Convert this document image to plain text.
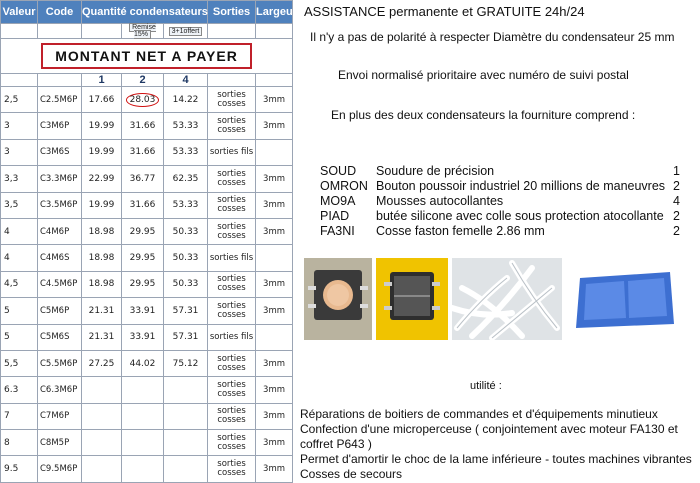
Valeur	Code	Quantité condensateurs			Sorties	Largeur
			Remise 15%	3+1offert		
MONTANT NET A PAYER						
		1	2	4		
2,5	C2.5M6P	17.66	28.03	14.22	sorties cosses	3mm
3	C3M6P	19.99	31.66	53.33	sorties cosses	3mm
3	C3M6S	19.99	31.66	53.33	sorties fils	
3,3	C3.3M6P	22.99	36.77	62.35	sorties cosses	3mm
3,5	C3.5M6P	19.99	31.66	53.33	sorties cosses	3mm
4	C4M6P	18.98	29.95	50.33	sorties cosses	3mm
4	C4M6S	18.98	29.95	50.33	sorties fils	
4,5	C4.5M6P	18.98	29.95	50.33	sorties cosses	3mm
5	C5M6P	21.31	33.91	57.31	sorties cosses	3mm
5	C5M6S	21.31	33.91	57.31	sorties fils	
5,5	C5.5M6P	27.25	44.02	75.12	sorties cosses	3mm
6.3	C6.3M6P				sorties cosses	3mm
7	C7M6P				sorties cosses	3mm
8	C8M5P				sorties cosses	3mm
9.5	C9.5M6P				sorties cosses	3mm
ASSISTANCE permanente et GRATUITE 24h/24
Il n'y a pas de polarité à respecter Diamètre du condensateur 25 mm
Envoi normalisé prioritaire avec numéro de suivi postal
En plus des deux condensateurs la fourniture comprend :
SOUD Soudure de précision	1
OMRON Bouton poussoir industriel 20 millions de maneuvres 2
MO9A Mousses autocollantes	4
PIAD butée silicone avec colle sous protection atocollante 2
FA3NI Cosse faston femelle 2.86 mm	2
utilité :
Réparations de boitiers de commandes et d'équipements minutieux
Confection d'une microperceuse ( conjointement avec moteur FA130 et coffret P643 )
Permet d'amortir le choc de la lame inférieure - toutes machines vibrantes
Cosses de secours
